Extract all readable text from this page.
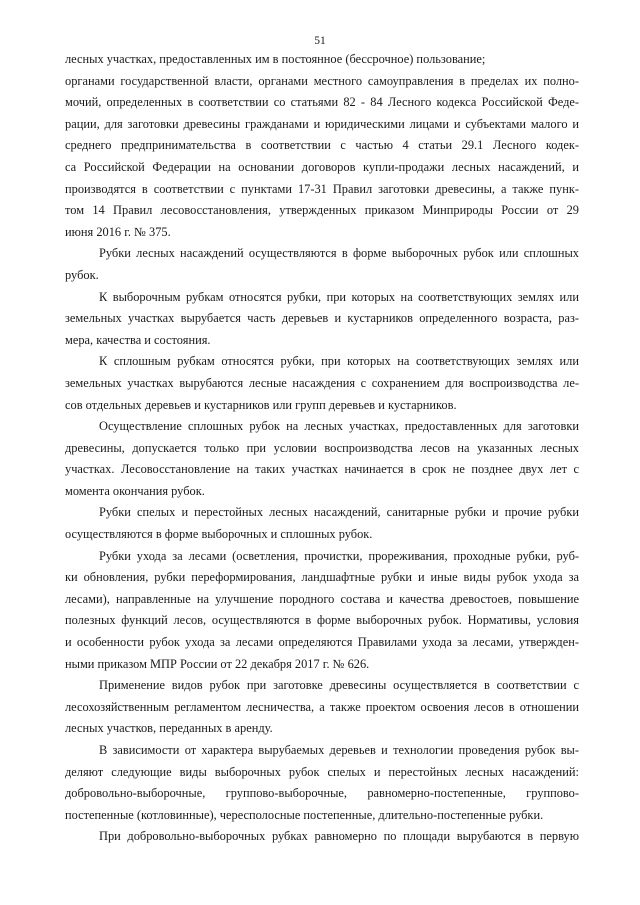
51
лесных участках, предоставленных им в постоянное (бессрочное) пользование;
органами государственной власти, органами местного самоуправления в пределах их полно-
мочий, определенных в соответствии со статьями 82 - 84 Лесного кодекса Российской Феде-
рации, для заготовки древесины гражданами и юридическими лицами и субъектами малого и
среднего предпринимательства в соответствии с частью 4 статьи 29.1 Лесного кодек-
са Российской Федерации на основании договоров купли-продажи лесных насаждений, и
производятся в соответствии с пунктами 17-31 Правил заготовки древесины, а также пунк-
том 14 Правил лесовосстановления, утвержденных приказом Минприроды России от 29
июня 2016 г. № 375.
Рубки лесных насаждений осуществляются в форме выборочных рубок или сплошных
рубок.
К выборочным рубкам относятся рубки, при которых на соответствующих землях или
земельных участках вырубается часть деревьев и кустарников определенного возраста, раз-
мера, качества и состояния.
К сплошным рубкам относятся рубки, при которых на соответствующих землях или
земельных участках вырубаются лесные насаждения с сохранением для воспроизводства ле-
сов отдельных деревьев и кустарников или групп деревьев и кустарников.
Осуществление сплошных рубок на лесных участках, предоставленных для заготовки
древесины, допускается только при условии воспроизводства лесов на указанных лесных
участках. Лесовосстановление на таких участках начинается в срок не позднее двух лет с
момента окончания рубок.
Рубки спелых и перестойных лесных насаждений, санитарные рубки и прочие рубки
осуществляются в форме выборочных и сплошных рубок.
Рубки ухода за лесами (осветления, прочистки, прореживания, проходные рубки, руб-
ки обновления, рубки переформирования, ландшафтные рубки и иные виды рубок ухода за
лесами), направленные на улучшение породного состава и качества древостоев, повышение
полезных функций лесов, осуществляются в форме выборочных рубок. Нормативы, условия
и особенности рубок ухода за лесами определяются Правилами ухода за лесами, утвержден-
ными приказом МПР России от 22 декабря 2017 г. № 626.
Применение видов рубок при заготовке древесины осуществляется в соответствии с
лесохозяйственным регламентом лесничества, а также проектом освоения лесов в отношении
лесных участков, переданных в аренду.
В зависимости от характера вырубаемых деревьев и технологии проведения рубок вы-
деляют следующие виды выборочных рубок спелых и перестойных лесных насаждений:
добровольно-выборочные, группово-выборочные, равномерно-постепенные, группово-
постепенные (котловинные), чересполосные постепенные, длительно-постепенные рубки.
При добровольно-выборочных рубках равномерно по площади вырубаются в первую
